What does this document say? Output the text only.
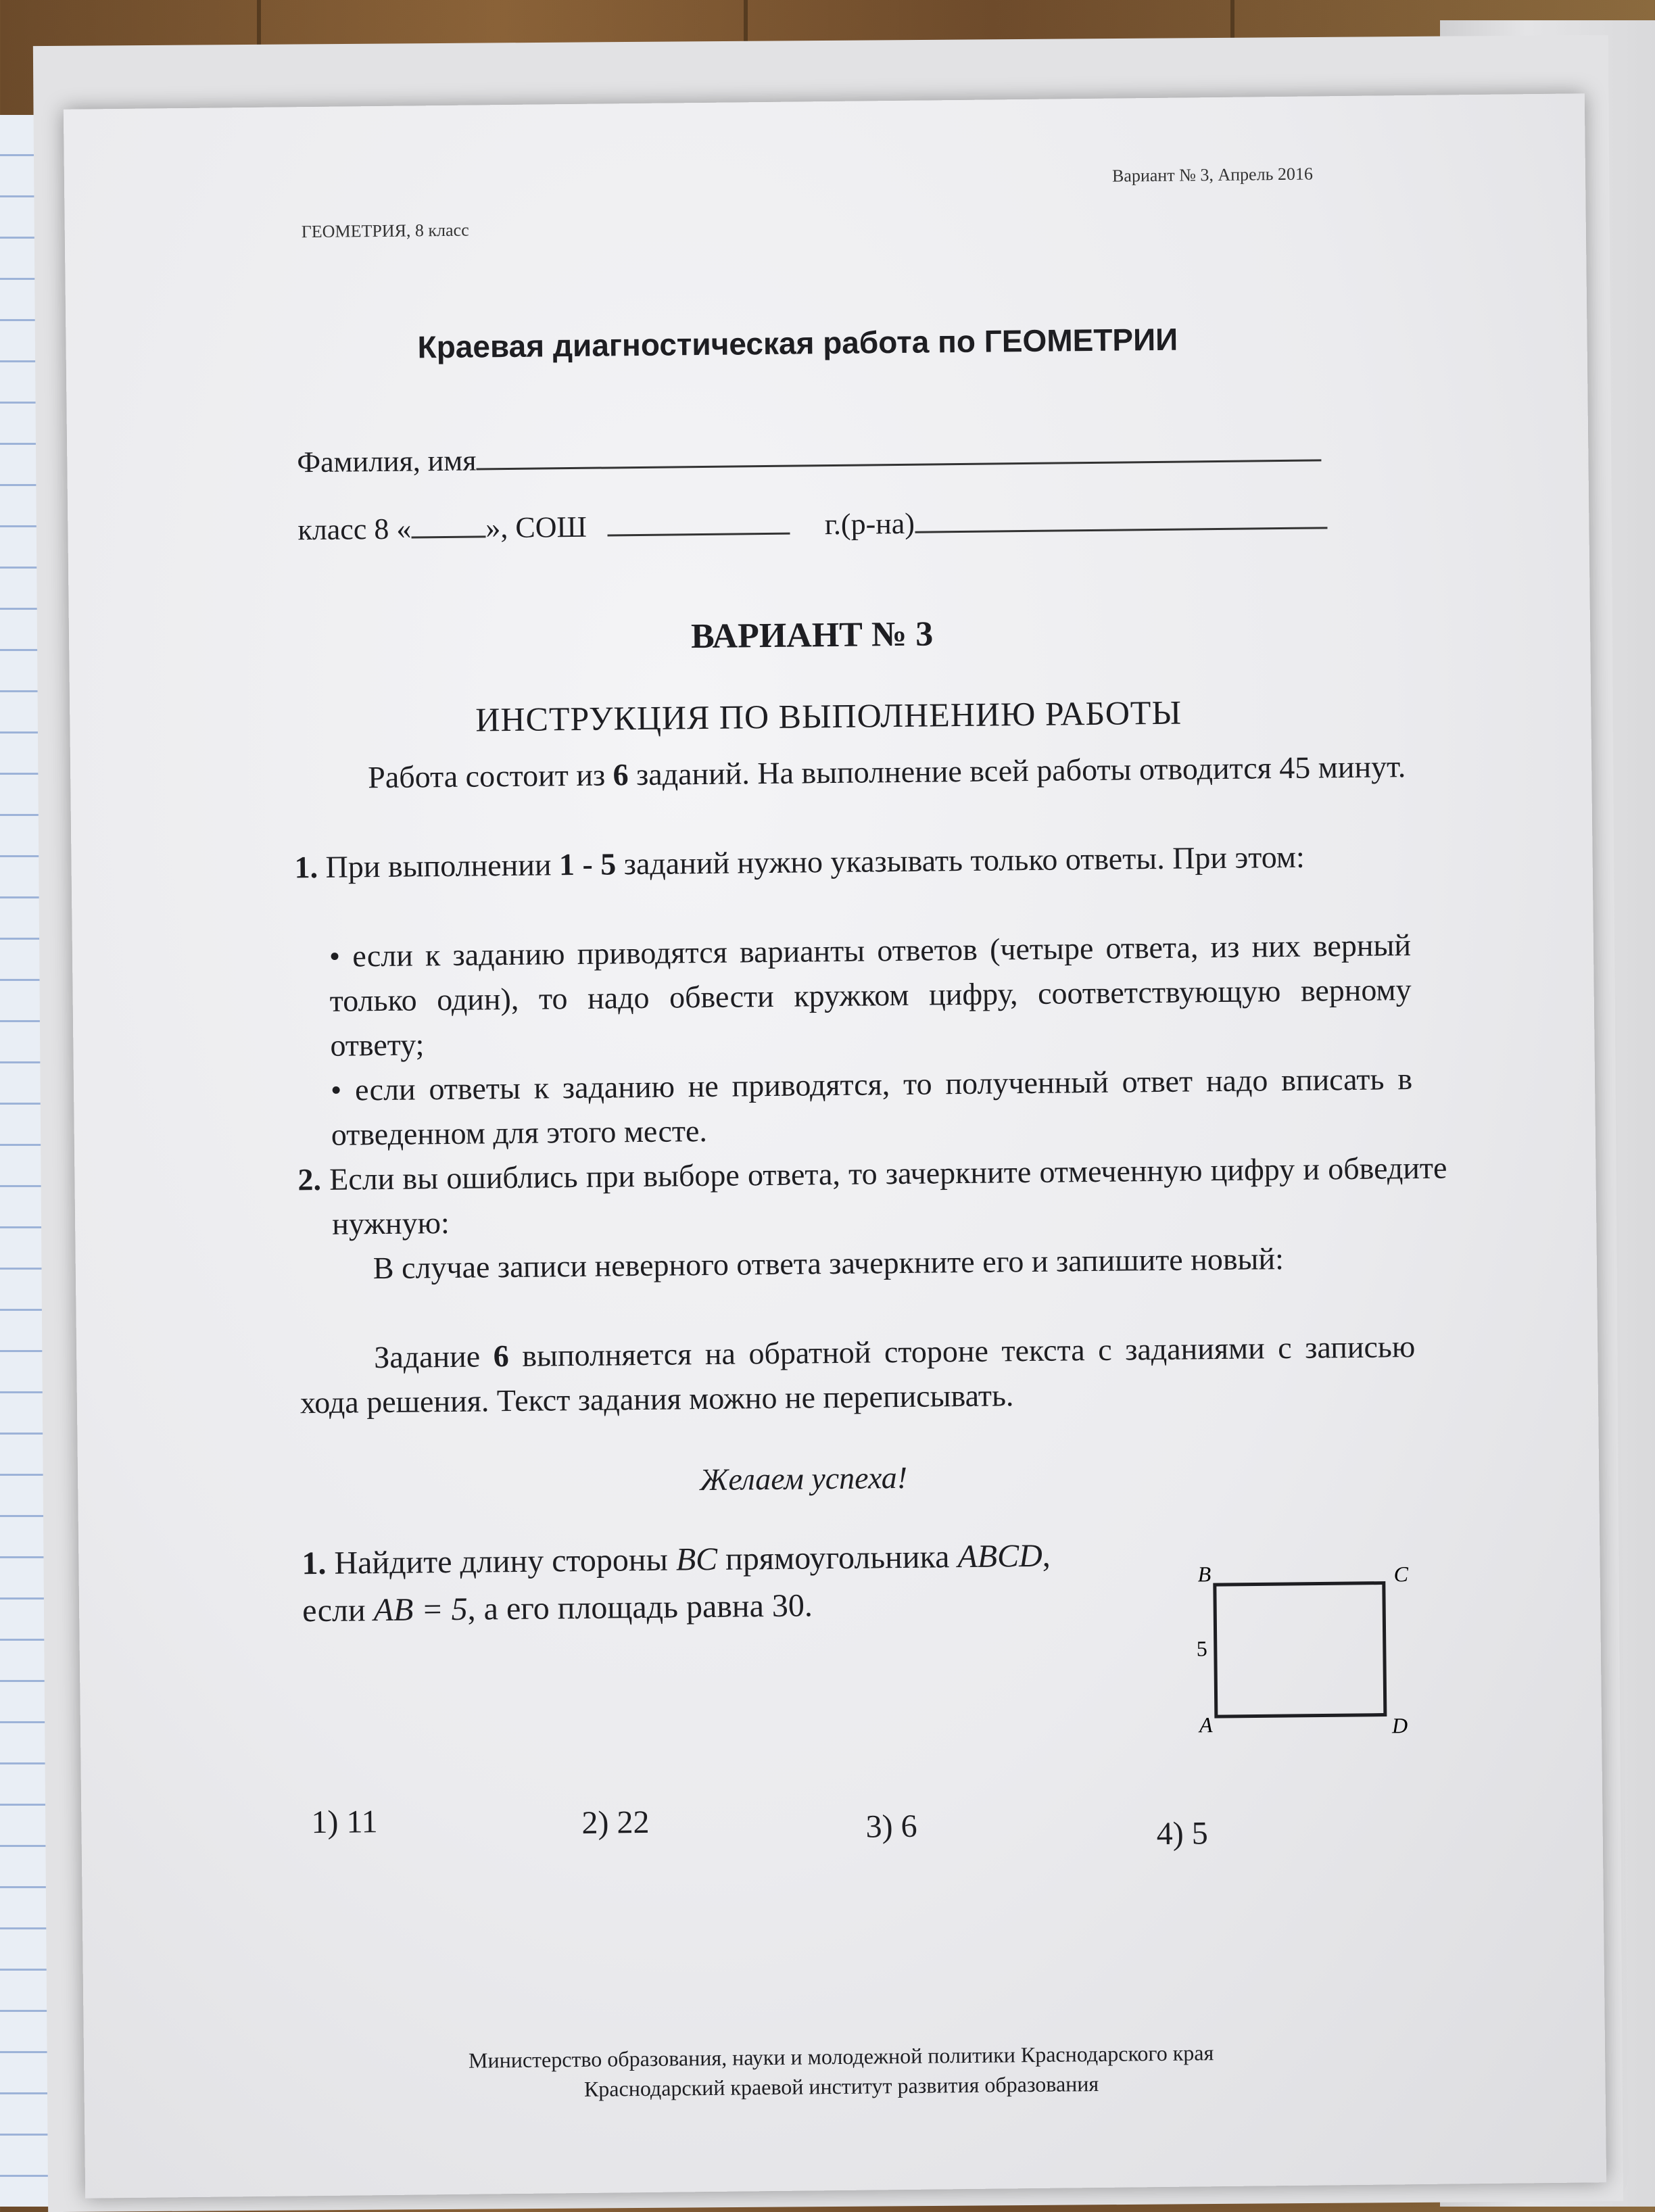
ГЕОМЕТРИЯ, 8 класс
Вариант № 3, Апрель 2016
Краевая диагностическая работа по ГЕОМЕТРИИ
Фамилия, имя
класс 8 « », СОШ	г.(р-на)
ВАРИАНТ № 3
ИНСТРУКЦИЯ ПО ВЫПОЛНЕНИЮ РАБОТЫ
Работа состоит из 6 заданий. На выполнение всей работы отводится 45 минут.
1. При выполнении 1 - 5 заданий нужно указывать только ответы. При этом:
• если к заданию приводятся варианты ответов (четыре ответа, из них верный только один), то надо обвести кружком цифру, соответствующую верному ответу;
• если ответы к заданию не приводятся, то полученный ответ надо вписать в отведенном для этого месте.
2. Если вы ошиблись при выборе ответа, то зачеркните отмеченную цифру и обведите нужную:
В случае записи неверного ответа зачеркните его и запишите новый:
Задание 6 выполняется на обратной стороне текста с заданиями с записью хода решения. Текст задания можно не переписывать.
Желаем успеха!
1. Найдите длину стороны BC прямоугольника ABCD, если AB = 5, а его площадь равна 30.
B	C
A	D
5
1) 11	2) 22	3) 6	4) 5
Министерство образования, науки и молодежной политики Краснодарского края
Краснодарский краевой институт развития образования
